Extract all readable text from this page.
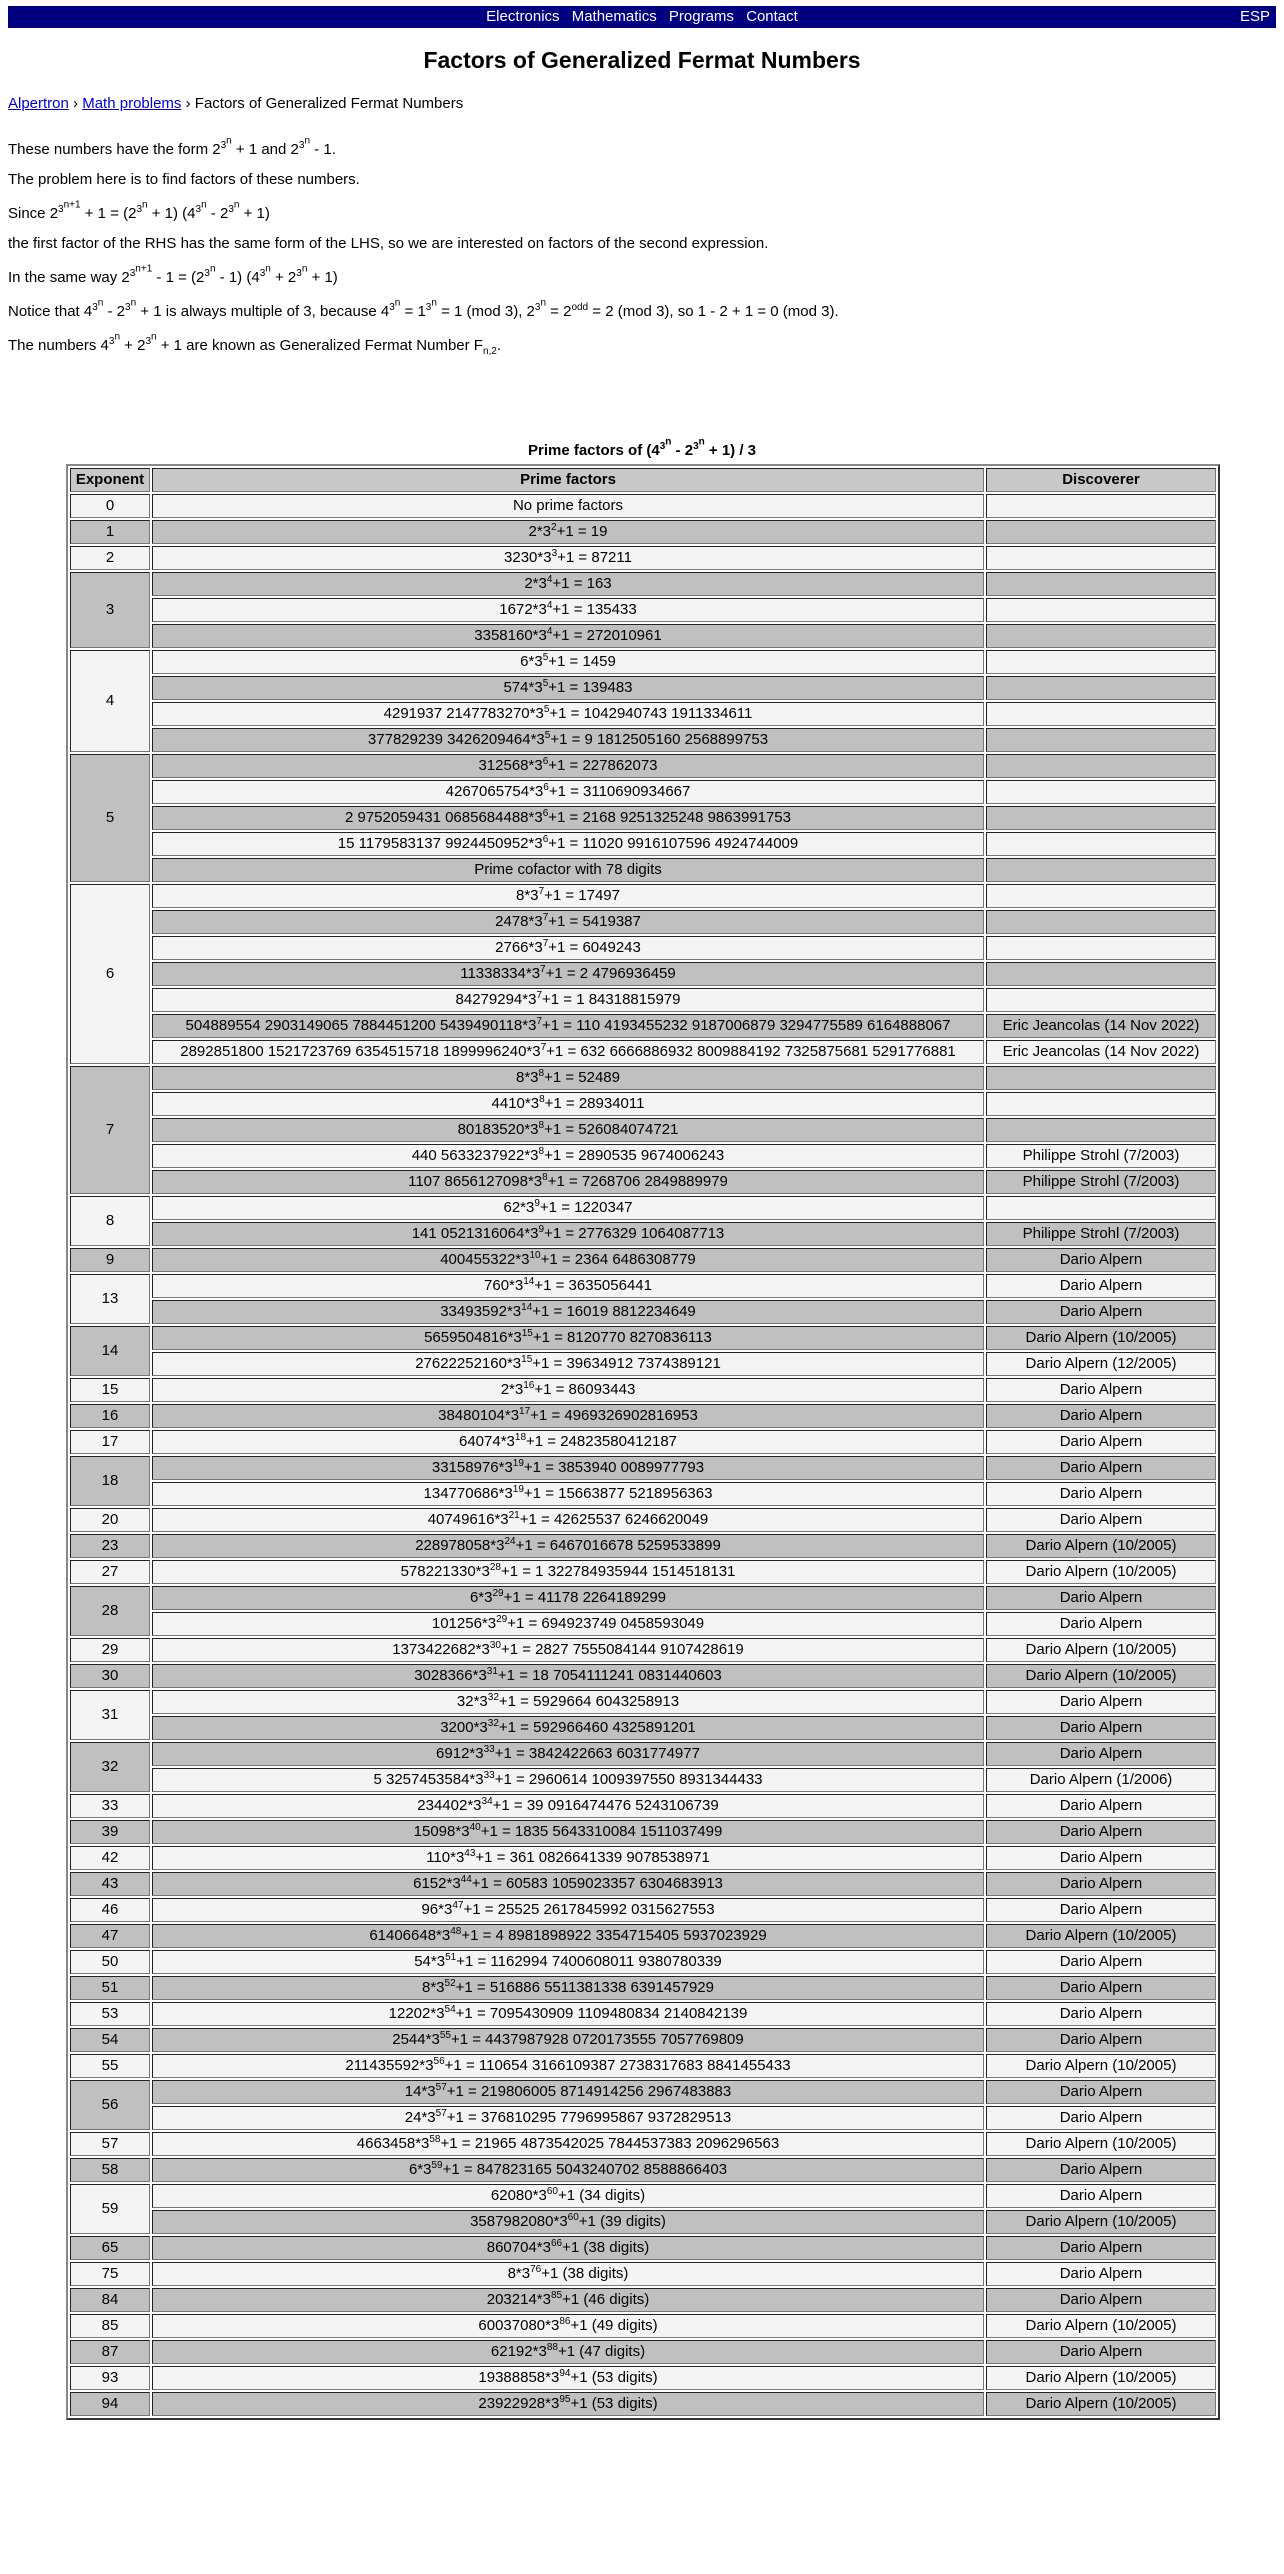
Electronics Mathematics Programs Contact	ESP
Factors of Generalized Fermat Numbers
Alpertron › Math problems › Factors of Generalized Fermat Numbers

These numbers have the form $2^{3^n} + 1$ and $2^{3^n} - 1$.

The problem here is to find factors of these numbers.

Since $2^{3^{n+1}} + 1 = (2^{3^n} + 1)$ $(4^{3^n} - 2^{3^n} + 1)$

the first factor of the RHS has the same form of the LHS, so we are interested on factors of the second expression.

In the same way $2^{3^{n+1}} - 1 = (2^{3^n} - 1) (4^{3^n} + 2^{3^n} + 1)$

Notice that $4^{3^n} - 2^{3^n} + 1$ is always multiple of 3, because $4^{3^n} = 1^{3^n} = 1$ (mod 3), $2^{3^n} = 2^{odd} = 2$ (mod 3), so 1 - 2 + 1 = 0 (mod 3).

The numbers $4^{3^n} + 2^{3^n} + 1$ are known as Generalized Fermat Number $F_{n,2}$.

Prime factors of $(4^{3^n} - 2^{3^n} + 1) / 3$
Exponent	Prime factors	Discoverer
0	No prime factors	
1	$2*3^2+1 = 19$	
2	$3230*3^3+1 = 87211$	
3	$2*3^4+1 = 163$	
	$1672*3^4+1 = 135433$	
	$3358160*3^4+1 = 272010961$	
4	$6*3^5+1 = 1459$	
	$574*3^5+1 = 139483$	
	4291937 $2147783270*3^5+1 = 1042940743$ 1911334611	
	377829239 $3426209464*3^5+1 = 9$ 1812505160 2568899753	
5	$312568*3^6+1 = 227862073$	
	$4267065754*3^6+1 = 3110690934667$	
	2 9752059431 $0685684488*3^6+1 = 2168$ 9251325248 9863991753	
	15 1179583137 $9924450952*3^6+1 = 11020$ 9916107596 4924744009	
	Prime cofactor with 78 digits	
6	$8*3^7+1 = 17497$	
	$2478*3^7+1 = 5419387$	
	$2766*3^7+1 = 6049243$	
	$11338334*3^7+1 = 2$ 4796936459	
	$84279294*3^7+1 = 1$ 84318815979	
	504889554 2903149065 7884451200 $5439490118*3^7+1 = 110$ 4193455232 9187006879 3294775589 6164888067	Eric Jeancolas (14 Nov 2022)
	2892851800 1521723769 6354515718 $1899996240*3^7+1 = 632$ 6666886932 8009884192 7325875681 5291776881	Eric Jeancolas (14 Nov 2022)
7	$8*3^8+1 = 52489$	
	$4410*3^8+1 = 28934011$	
	$80183520*3^8+1 = 526084074721$	
	440 $5633237922*3^8+1 = 2890535$ 9674006243	Philippe Strohl (7/2003)
	1107 $8656127098*3^8+1 = 7268706$ 2849889979	Philippe Strohl (7/2003)
8	$62*3^9+1 = 1220347$	
	141 $0521316064*3^9+1 = 2776329$ 1064087713	Philippe Strohl (7/2003)
9	$400455322*3^{10}+1 = 2364$ 6486308779	Dario Alpern
13	$760*3^{14}+1 = 3635056441$	Dario Alpern
	$33493592*3^{14}+1 = 16019$ 8812234649	Dario Alpern
14	$5659504816*3^{15}+1 = 8120770$ 8270836113	Dario Alpern (10/2005)
	$27622252160*3^{15}+1 = 39634912$ 7374389121	Dario Alpern (12/2005)
15	$2*3^{16}+1 = 86093443$	Dario Alpern
16	$38480104*3^{17}+1 = 4969326902816953$	Dario Alpern
17	$64074*3^{18}+1 = 24823580412187$	Dario Alpern
18	$33158976*3^{19}+1 = 3853940$ 0089977793	Dario Alpern
	$134770686*3^{19}+1 = 15663877$ 5218956363	Dario Alpern
20	$40749616*3^{21}+1 = 42625537$ 6246620049	Dario Alpern
23	$228978058*3^{24}+1 = 6467016678$ 5259533899	Dario Alpern (10/2005)
27	$578221330*3^{28}+1 = 1$ 322784935944 1514518131	Dario Alpern (10/2005)
28	$6*3^{29}+1 = 41178$ 2264189299	Dario Alpern
	$101256*3^{29}+1 = 694923749$ 0458593049	Dario Alpern
29	$1373422682*3^{30}+1 = 2827$ 7555084144 9107428619	Dario Alpern (10/2005)
30	$3028366*3^{31}+1 = 18$ 7054111241 0831440603	Dario Alpern (10/2005)
31	$32*3^{32}+1 = 5929664$ 6043258913	Dario Alpern
	$3200*3^{32}+1 = 592966460$ 4325891201	Dario Alpern
32	$6912*3^{33}+1 = 3842422663$ 6031774977	Dario Alpern
	5 $3257453584*3^{33}+1 = 2960614$ 1009397550 8931344433	Dario Alpern (1/2006)
33	$234402*3^{34}+1 = 39$ 0916474476 5243106739	Dario Alpern
39	$15098*3^{40}+1 = 1835$ 5643310084 1511037499	Dario Alpern
42	$110*3^{43}+1 = 361$ 0826641339 9078538971	Dario Alpern
43	$6152*3^{44}+1 = 60583$ 1059023357 6304683913	Dario Alpern
46	$96*3^{47}+1 = 25525$ 2617845992 0315627553	Dario Alpern
47	$61406648*3^{48}+1 = 4$ 8981898922 3354715405 5937023929	Dario Alpern (10/2005)
50	$54*3^{51}+1 = 1162994$ 7400608011 9380780339	Dario Alpern
51	$8*3^{52}+1 = 516886$ 5511381338 6391457929	Dario Alpern
53	$12202*3^{54}+1 = 7095430909$ 1109480834 2140842139	Dario Alpern
54	$2544*3^{55}+1 = 4437987928$ 0720173555 7057769809	Dario Alpern
55	$211435592*3^{56}+1 = 110654$ 3166109387 2738317683 8841455433	Dario Alpern (10/2005)
56	$14*3^{57}+1 = 219806005$ 8714914256 2967483883	Dario Alpern
	$24*3^{57}+1 = 376810295$ 7796995867 9372829513	Dario Alpern
57	$4663458*3^{58}+1 = 21965$ 4873542025 7844537383 2096296563	Dario Alpern (10/2005)
58	$6*3^{59}+1 = 847823165$ 5043240702 8588866403	Dario Alpern
59	$62080*3^{60}+1$ (34 digits)	Dario Alpern
	$3587982080*3^{60}+1$ (39 digits)	Dario Alpern (10/2005)
65	$860704*3^{66}+1$ (38 digits)	Dario Alpern
75	$8*3^{76}+1$ (38 digits)	Dario Alpern
84	$203214*3^{85}+1$ (46 digits)	Dario Alpern
85	$60037080*3^{86}+1$ (49 digits)	Dario Alpern (10/2005)
87	$62192*3^{88}+1$ (47 digits)	Dario Alpern
93	$19388858*3^{94}+1$ (53 digits)	Dario Alpern (10/2005)
94	$23922928*3^{95}+1$ (53 digits)	Dario Alpern (10/2005)
